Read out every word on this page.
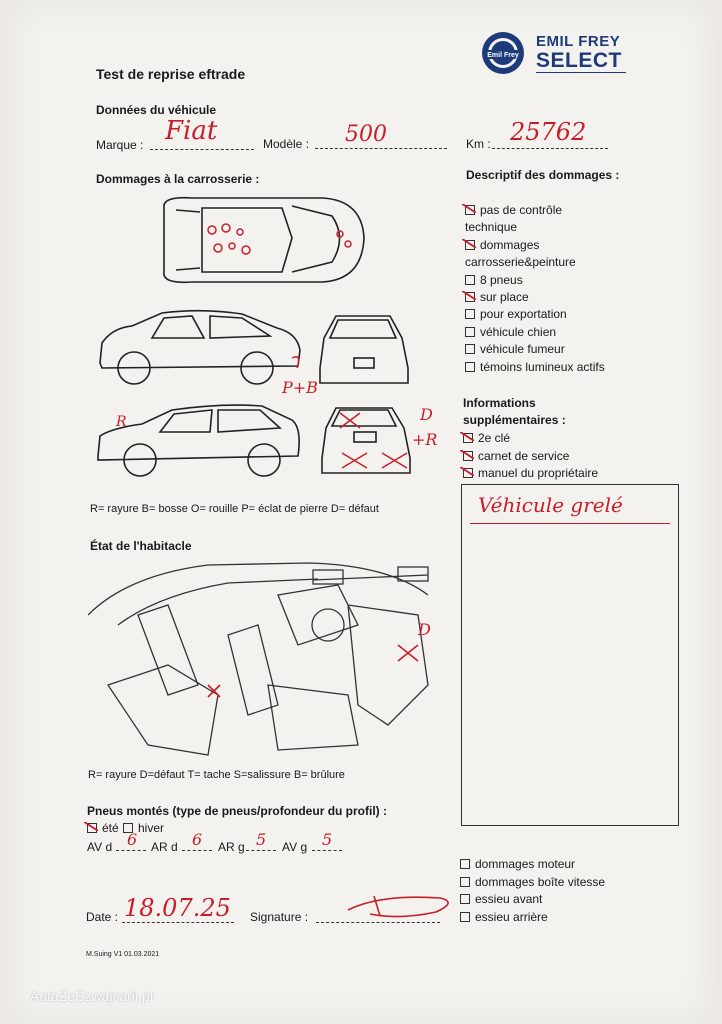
Emil Frey
EMIL FREY
SELECT
Test de reprise eftrade
Données du véhicule
Marque : Fiat	Modèle : 500	Km : 25762
Dommages à la carrosserie :
P+B
D
+R
R
R= rayure B= bosse O= rouille P= éclat de pierre D= défaut
Descriptif des dommages :
pas de contrôle
technique
dommages
carrosserie&peinture
8 pneus
sur place
pour exportation
véhicule chien
véhicule fumeur
témoins lumineux actifs
Informations
supplémentaires :
2e clé
carnet de service
manuel du propriétaire
Véhicule grelé
État de l'habitacle
D
R= rayure D=défaut T= tache S=salissure B= brûlure
Pneus montés (type de pneus/profondeur du profil) :
été	hiver
AV d 6 AR d 6 AR g 5 AV g 5
dommages moteur
dommages boîte vitesse
essieu avant
essieu arrière
Date : 18.07.25 Signature :
M.Suing V1 01.03.2021
AutaZeSzwajcarii.pl
